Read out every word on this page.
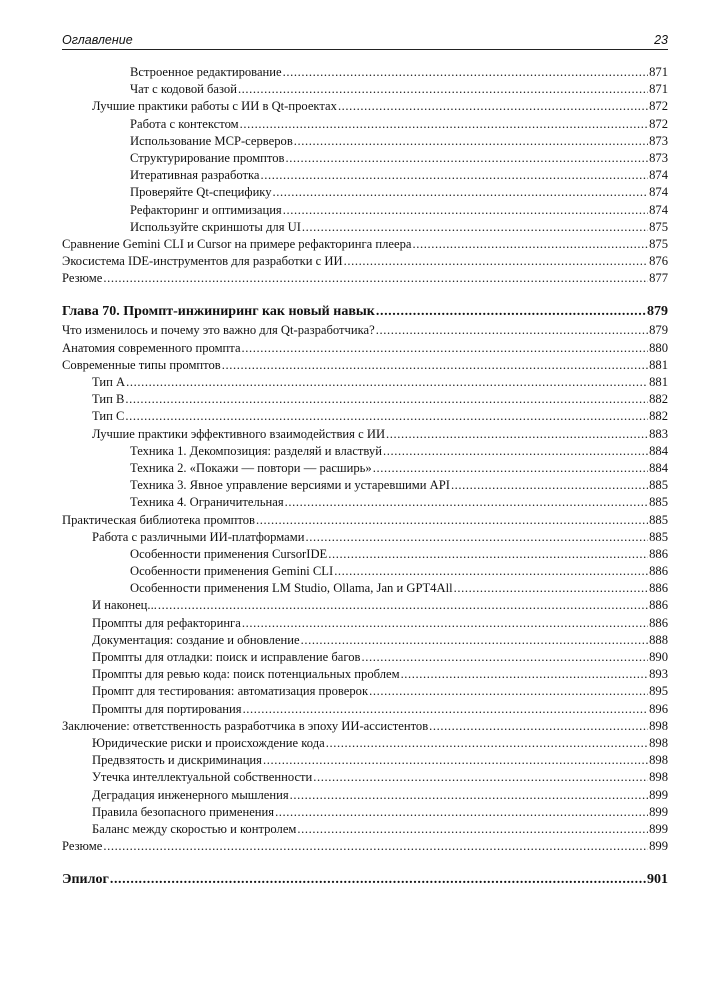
Оглавление	23
Встроенное редактирование .....	871
Чат с кодовой базой .....	871
Лучшие практики работы с ИИ в Qt-проектах .....	872
Работа с контекстом .....	872
Использование MCP-серверов .....	873
Структурирование промптов .....	873
Итеративная разработка .....	874
Проверяйте Qt-специфику .....	874
Рефакторинг и оптимизация .....	874
Используйте скриншоты для UI .....	875
Сравнение Gemini CLI и Cursor на примере рефакторинга плеера .....	875
Экосистема IDE-инструментов для разработки с ИИ .....	876
Резюме .....	877
Глава 70. Промпт-инжиниринг как новый навык .....	879
Что изменилось и почему это важно для Qt-разработчика? .....	879
Анатомия современного промпта .....	880
Современные типы промптов .....	881
Тип A .....	881
Тип B .....	882
Тип C .....	882
Лучшие практики эффективного взаимодействия с ИИ .....	883
Техника 1. Декомпозиция: разделяй и властвуй .....	884
Техника 2. «Покажи — повтори — расширь» .....	884
Техника 3. Явное управление версиями и устаревшими API .....	885
Техника 4. Ограничительная .....	885
Практическая библиотека промптов .....	885
Работа с различными ИИ-платформами .....	885
Особенности применения CursorIDE .....	886
Особенности применения Gemini CLI .....	886
Особенности применения LM Studio, Ollama, Jan и GPT4All .....	886
И наконец... .....	886
Промпты для рефакторинга .....	886
Документация: создание и обновление .....	888
Промпты для отладки: поиск и исправление багов .....	890
Промпты для ревью кода: поиск потенциальных проблем .....	893
Промпт для тестирования: автоматизация проверок .....	895
Промпты для портирования .....	896
Заключение: ответственность разработчика в эпоху ИИ-ассистентов .....	898
Юридические риски и происхождение кода .....	898
Предвзятость и дискриминация .....	898
Утечка интеллектуальной собственности .....	898
Деградация инженерного мышления .....	899
Правила безопасного применения .....	899
Баланс между скоростью и контролем .....	899
Резюме .....	899
Эпилог .....	901
